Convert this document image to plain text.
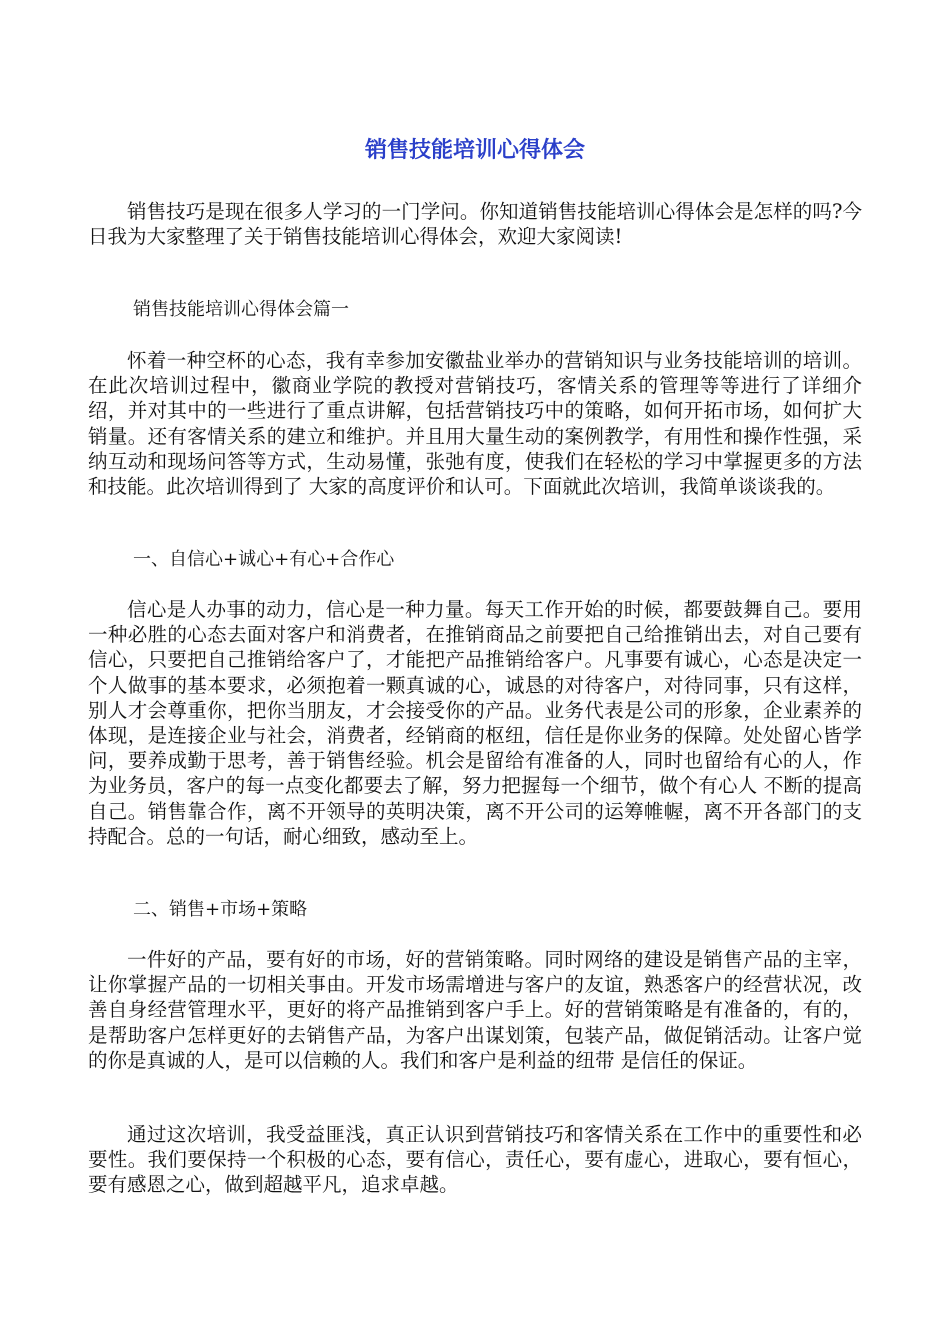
销售技能培训心得体会

销售技巧是现在很多人学习的一门学问。你知道销售技能培训心得体会是怎样的吗?今日我为大家整理了关于销售技能培训心得体会，欢迎大家阅读!

销售技能培训心得体会篇一

怀着一种空杯的心态，我有幸参加安徽盐业举办的营销知识与业务技能培训的培训。在此次培训过程中，徽商业学院的教授对营销技巧，客情关系的管理等等进行了详细介绍，并对其中的一些进行了重点讲解，包括营销技巧中的策略，如何开拓市场，如何扩大销量。还有客情关系的建立和维护。并且用大量生动的案例教学，有用性和操作性强，采纳互动和现场问答等方式，生动易懂，张弛有度，使我们在轻松的学习中掌握更多的方法和技能。此次培训得到了 大家的高度评价和认可。下面就此次培训，我简单谈谈我的。

一、自信心+诚心+有心+合作心

信心是人办事的动力，信心是一种力量。每天工作开始的时候，都要鼓舞自己。要用一种必胜的心态去面对客户和消费者，在推销商品之前要把自己给推销出去，对自己要有信心，只要把自己推销给客户了，才能把产品推销给客户。凡事要有诚心，心态是决定一个人做事的基本要求，必须抱着一颗真诚的心，诚恳的对待客户，对待同事，只有这样，别人才会尊重你，把你当朋友，才会接受你的产品。业务代表是公司的形象，企业素养的体现，是连接企业与社会，消费者，经销商的枢纽，信任是你业务的保障。处处留心皆学问，要养成勤于思考，善于销售经验。机会是留给有准备的人，同时也留给有心的人，作为业务员，客户的每一点变化都要去了解，努力把握每一个细节，做个有心人 不断的提高自己。销售靠合作，离不开领导的英明决策，离不开公司的运筹帷幄，离不开各部门的支持配合。总的一句话，耐心细致，感动至上。

二、销售+市场+策略

一件好的产品，要有好的市场，好的营销策略。同时网络的建设是销售产品的主宰，让你掌握产品的一切相关事由。开发市场需增进与客户的友谊，熟悉客户的经营状况，改善自身经营管理水平，更好的将产品推销到客户手上。好的营销策略是有准备的，有的，是帮助客户怎样更好的去销售产品，为客户出谋划策，包装产品，做促销活动。让客户觉的你是真诚的人，是可以信赖的人。我们和客户是利益的纽带 是信任的保证。

通过这次培训，我受益匪浅，真正认识到营销技巧和客情关系在工作中的重要性和必要性。我们要保持一个积极的心态，要有信心，责任心，要有虚心，进取心，要有恒心，要有感恩之心，做到超越平凡，追求卓越。
